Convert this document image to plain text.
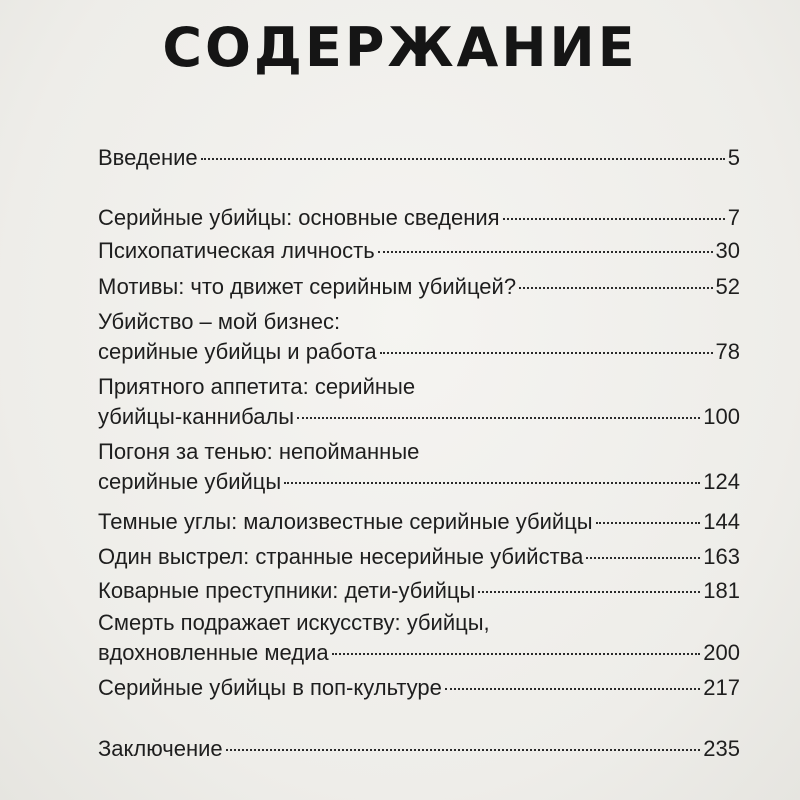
СОДЕРЖАНИЕ
Введение	5
Серийные убийцы: основные сведения	7
Психопатическая личность	30
Мотивы: что движет серийным убийцей?	52
Убийство – мой бизнес:
серийные убийцы и работа	78
Приятного аппетита: серийные
убийцы-каннибалы	100
Погоня за тенью: непойманные
серийные убийцы	124
Темные углы: малоизвестные серийные убийцы	144
Один выстрел: странные несерийные убийства	163
Коварные преступники: дети-убийцы	181
Смерть подражает искусству: убийцы,
вдохновленные медиа	200
Серийные убийцы в поп-культуре	217
Заключение	235
